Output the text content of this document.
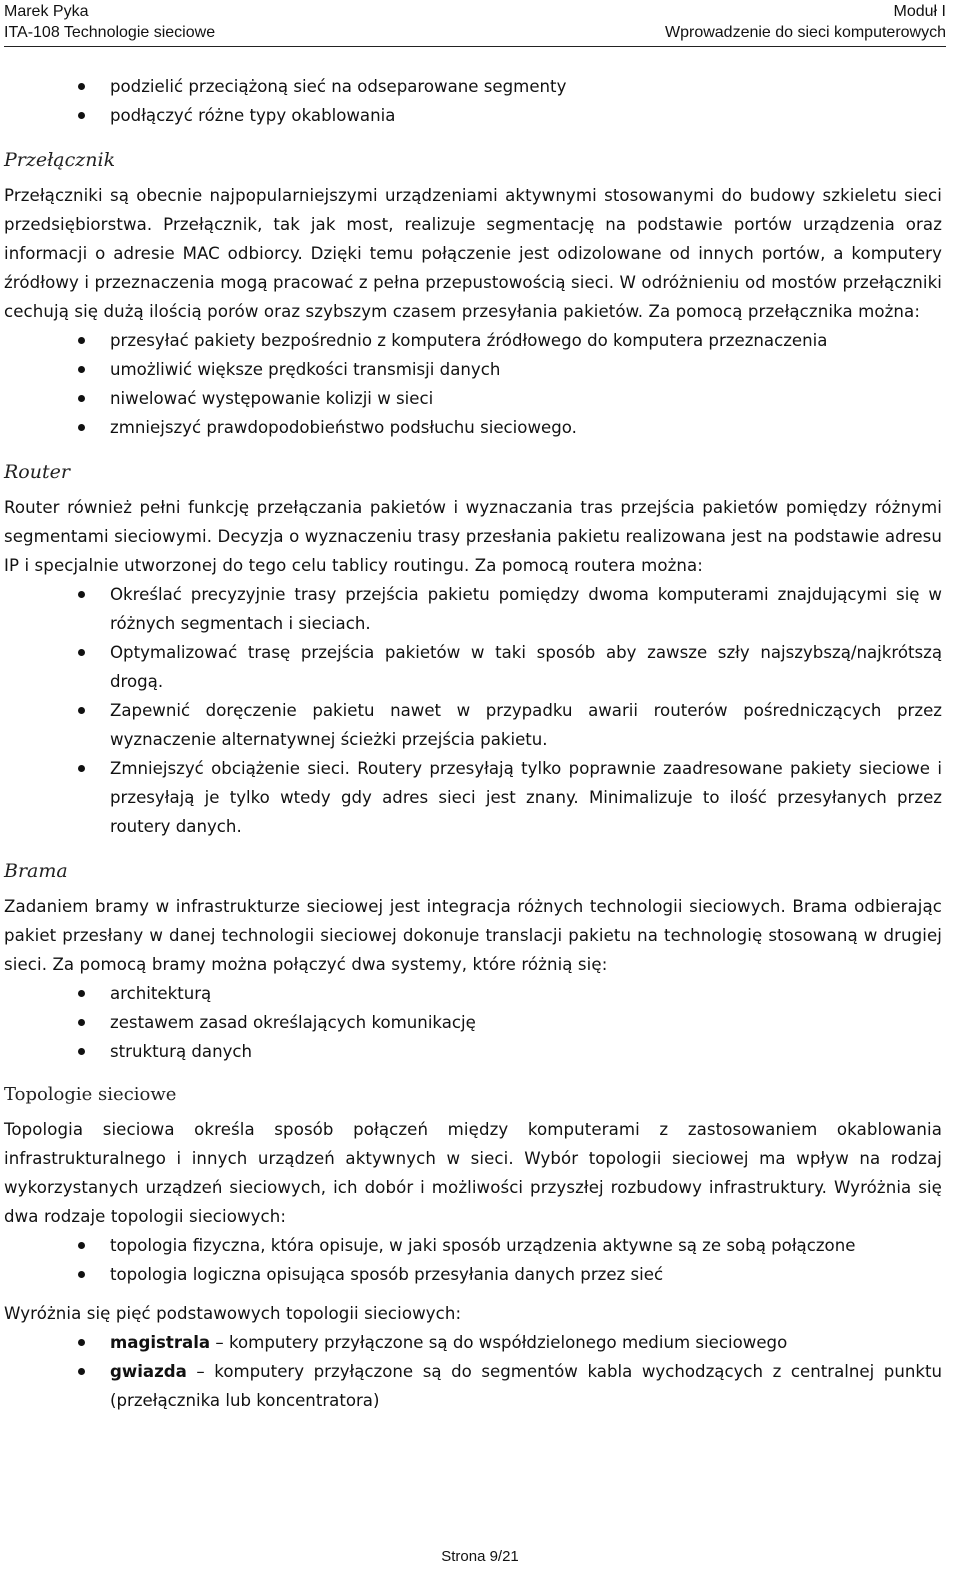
Marek Pyka
ITA-108 Technologie sieciowe
Moduł I
Wprowadzenie do sieci komputerowych
podzielić przeciążoną sieć na odseparowane segmenty
podłączyć różne typy okablowania
Przełącznik

Przełączniki są obecnie najpopularniejszymi urządzeniami aktywnymi stosowanymi do budowy szkieletu sieci przedsiębiorstwa. Przełącznik, tak jak most, realizuje segmentację na podstawie portów urządzenia oraz informacji o adresie MAC odbiorcy. Dzięki temu połączenie jest odizolowane od innych portów, a komputery źródłowy i przeznaczenia mogą pracować z pełna przepustowością sieci. W odróżnieniu od mostów przełączniki cechują się dużą ilością porów oraz szybszym czasem przesyłania pakietów. Za pomocą przełącznika można:

przesyłać pakiety bezpośrednio z komputera źródłowego do komputera przeznaczenia
umożliwić większe prędkości transmisji danych
niwelować występowanie kolizji w sieci
zmniejszyć prawdopodobieństwo podsłuchu sieciowego.
Router

Router również pełni funkcję przełączania pakietów i wyznaczania tras przejścia pakietów pomiędzy różnymi segmentami sieciowymi. Decyzja o wyznaczeniu trasy przesłania pakietu realizowana jest na podstawie adresu IP i specjalnie utworzonej do tego celu tablicy routingu. Za pomocą routera można:

Określać precyzyjnie trasy przejścia pakietu pomiędzy dwoma komputerami znajdującymi się w różnych segmentach i sieciach.
Optymalizować trasę przejścia pakietów w taki sposób aby zawsze szły najszybszą/najkrótszą drogą.
Zapewnić doręczenie pakietu nawet w przypadku awarii routerów pośredniczących przez wyznaczenie alternatywnej ścieżki przejścia pakietu.
Zmniejszyć obciążenie sieci. Routery przesyłają tylko poprawnie zaadresowane pakiety sieciowe i przesyłają je tylko wtedy gdy adres sieci jest znany. Minimalizuje to ilość przesyłanych przez routery danych.
Brama

Zadaniem bramy w infrastrukturze sieciowej jest integracja różnych technologii sieciowych. Brama odbierając pakiet przesłany w danej technologii sieciowej dokonuje translacji pakietu na technologię stosowaną w drugiej sieci. Za pomocą bramy można połączyć dwa systemy, które różnią się:

architekturą
zestawem zasad określających komunikację
strukturą danych
Topologie sieciowe

Topologia sieciowa określa sposób połączeń między komputerami z zastosowaniem okablowania infrastrukturalnego i innych urządzeń aktywnych w sieci. Wybór topologii sieciowej ma wpływ na rodzaj wykorzystanych urządzeń sieciowych, ich dobór i możliwości przyszłej rozbudowy infrastruktury. Wyróżnia się dwa rodzaje topologii sieciowych:

topologia fizyczna, która opisuje, w jaki sposób urządzenia aktywne są ze sobą połączone
topologia logiczna opisująca sposób przesyłania danych przez sieć

Wyróżnia się pięć podstawowych topologii sieciowych:

magistrala – komputery przyłączone są do współdzielonego medium sieciowego
gwiazda – komputery przyłączone są do segmentów kabla wychodzących z centralnej punktu (przełącznika lub koncentratora)
Strona 9/21
